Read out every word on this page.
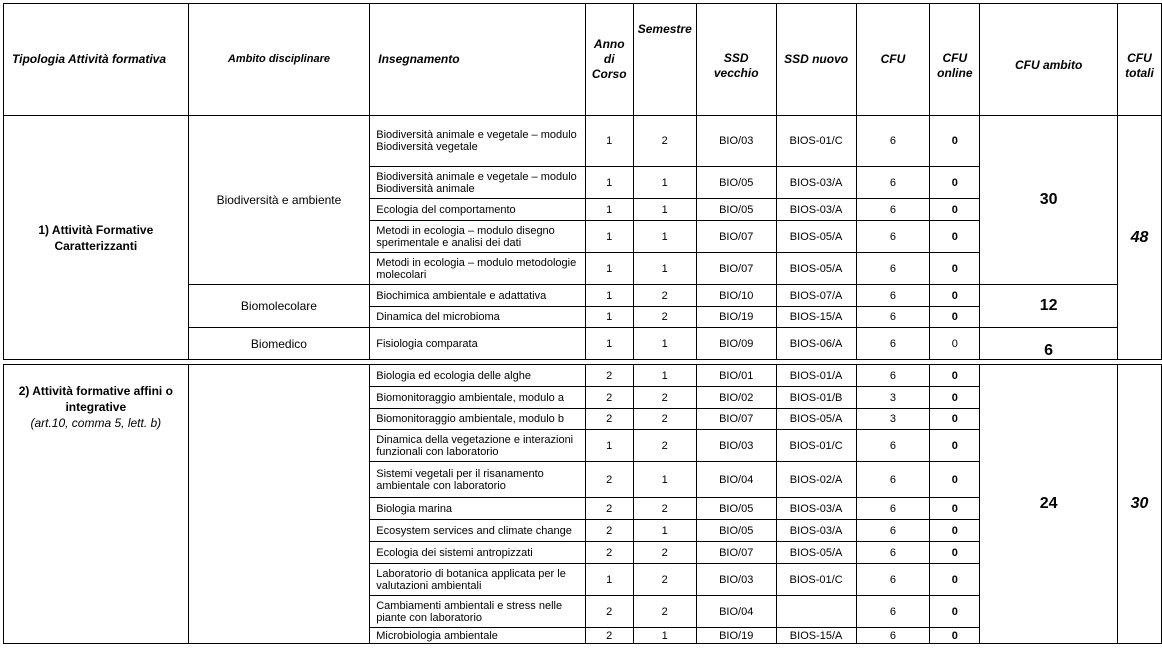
Tipologia Attività formativa	Ambito disciplinare	Insegnamento	Anno di Corso	Semestre	SSD vecchio	SSD nuovo	CFU	CFU online	CFU ambito	CFU totali
1) Attività Formative Caratterizzanti	Biodiversità e ambiente	Biodiversità animale e vegetale – modulo Biodiversità vegetale	1	2	BIO/03	BIOS-01/C	6	0	30	48
		Biodiversità animale e vegetale – modulo Biodiversità animale	1	1	BIO/05	BIOS-03/A	6	0		
		Ecologia del comportamento	1	1	BIO/05	BIOS-03/A	6	0		
		Metodi in ecologia – modulo disegno sperimentale e analisi dei dati	1	1	BIO/07	BIOS-05/A	6	0		
		Metodi in ecologia – modulo metodologie molecolari	1	1	BIO/07	BIOS-05/A	6	0		
	Biomolecolare	Biochimica ambientale e adattativa	1	2	BIO/10	BIOS-07/A	6	0	12	
		Dinamica del microbioma	1	2	BIO/19	BIOS-15/A	6	0		
	Biomedico	Fisiologia comparata	1	1	BIO/09	BIOS-06/A	6	0	6	

2) Attività formative affini o integrative
(art.10, comma 5, lett. b)		Biologia ed ecologia delle alghe	2	1	BIO/01	BIOS-01/A	6	0	24	30
		Biomonitoraggio ambientale, modulo a	2	2	BIO/02	BIOS-01/B	3	0		
		Biomonitoraggio ambientale, modulo b	2	2	BIO/07	BIOS-05/A	3	0		
		Dinamica della vegetazione e interazioni funzionali con laboratorio	1	2	BIO/03	BIOS-01/C	6	0		
		Sistemi vegetali per il risanamento ambientale con laboratorio	2	1	BIO/04	BIOS-02/A	6	0		
		Biologia marina	2	2	BIO/05	BIOS-03/A	6	0		
		Ecosystem services and climate change	2	1	BIO/05	BIOS-03/A	6	0		
		Ecologia dei sistemi antropizzati	2	2	BIO/07	BIOS-05/A	6	0		
		Laboratorio di botanica applicata per le valutazioni ambientali	1	2	BIO/03	BIOS-01/C	6	0		
		Cambiamenti ambientali e stress nelle piante con laboratorio	2	2	BIO/04		6	0		
		Microbiologia ambientale	2	1	BIO/19	BIOS-15/A	6	0		
